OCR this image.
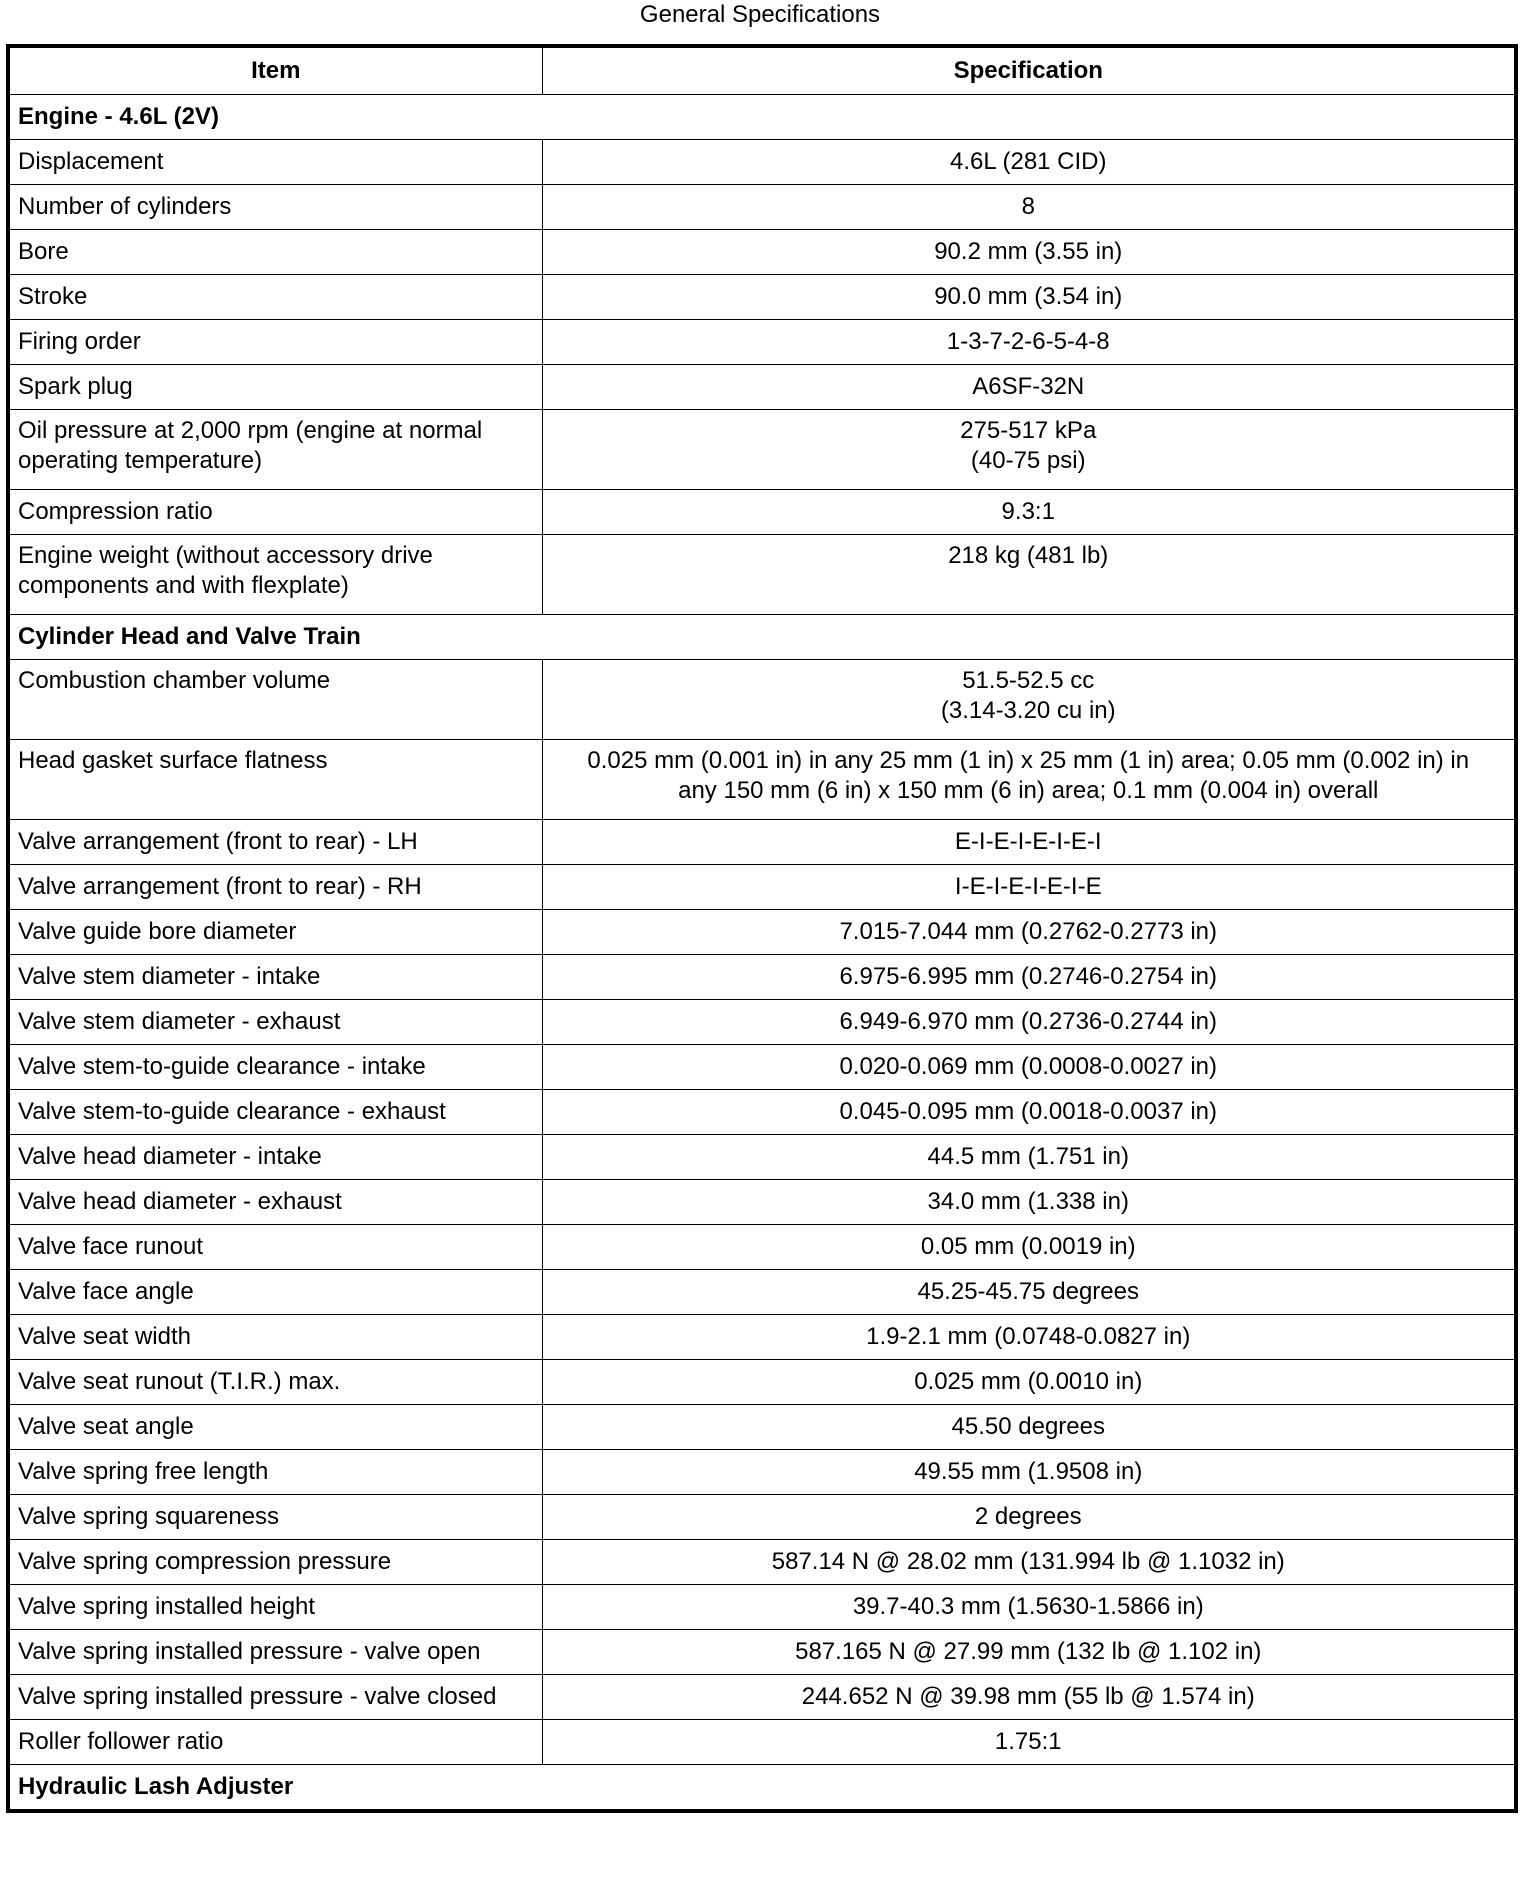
General Specifications
Item	Specification
Engine - 4.6L (2V)	

Displacement	4.6L (281 CID)

Number of cylinders	8

Bore	90.2 mm (3.55 in)

Stroke	90.0 mm (3.54 in)

Firing order	1-3-7-2-6-5-4-8

Spark plug	A6SF-32N

Oil pressure at 2,000 rpm (engine at normal
operating temperature)	275-517 kPa
(40-75 psi)

Compression ratio	9.3:1

Engine weight (without accessory drive
components and with flexplate)	218 kg (481 lb)

Cylinder Head and Valve Train	

Combustion chamber volume	51.5-52.5 cc
(3.14-3.20 cu in)

Head gasket surface flatness	0.025 mm (0.001 in) in any 25 mm (1 in) x 25 mm (1 in) area; 0.05 mm (0.002 in) in
any 150 mm (6 in) x 150 mm (6 in) area; 0.1 mm (0.004 in) overall

Valve arrangement (front to rear) - LH	E-I-E-I-E-I-E-I

Valve arrangement (front to rear) - RH	I-E-I-E-I-E-I-E

Valve guide bore diameter	7.015-7.044 mm (0.2762-0.2773 in)

Valve stem diameter - intake	6.975-6.995 mm (0.2746-0.2754 in)

Valve stem diameter - exhaust	6.949-6.970 mm (0.2736-0.2744 in)

Valve stem-to-guide clearance - intake	0.020-0.069 mm (0.0008-0.0027 in)

Valve stem-to-guide clearance - exhaust	0.045-0.095 mm (0.0018-0.0037 in)

Valve head diameter - intake	44.5 mm (1.751 in)

Valve head diameter - exhaust	34.0 mm (1.338 in)

Valve face runout	0.05 mm (0.0019 in)

Valve face angle	45.25-45.75 degrees

Valve seat width	1.9-2.1 mm (0.0748-0.0827 in)

Valve seat runout (T.I.R.) max.	0.025 mm (0.0010 in)

Valve seat angle	45.50 degrees

Valve spring free length	49.55 mm (1.9508 in)

Valve spring squareness	2 degrees

Valve spring compression pressure	587.14 N @ 28.02 mm (131.994 lb @ 1.1032 in)

Valve spring installed height	39.7-40.3 mm (1.5630-1.5866 in)

Valve spring installed pressure - valve open	587.165 N @ 27.99 mm (132 lb @ 1.102 in)

Valve spring installed pressure - valve closed	244.652 N @ 39.98 mm (55 lb @ 1.574 in)

Roller follower ratio	1.75:1

Hydraulic Lash Adjuster	
